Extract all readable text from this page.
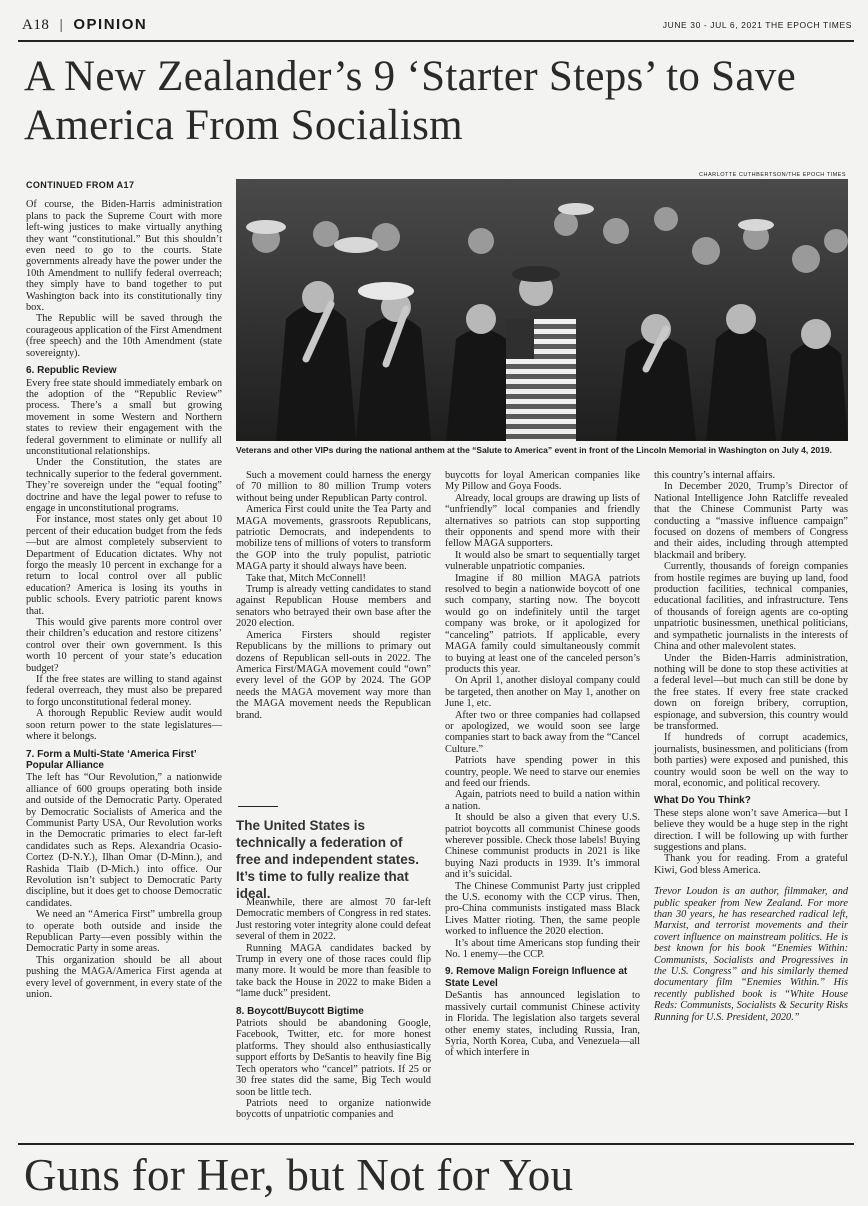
A18 | OPINION	JUNE 30 - JUL 6, 2021 THE EPOCH TIMES
A New Zealander’s 9 ‘Starter Steps’ to Save America From Socialism
CHARLOTTE CUTHBERTSON/THE EPOCH TIMES
Veterans and other VIPs during the national anthem at the “Salute to America” event in front of the Lincoln Memorial in Washington on July 4, 2019.
CONTINUED FROM A17

Of course, the Biden-Harris administration plans to pack the Supreme Court with more left-wing justices to make virtually anything they want “constitutional.” But this shouldn’t even need to go to the courts. State governments already have the power under the 10th Amendment to nullify federal overreach; they simply have to band together to put Washington back into its constitutionally tiny box.

The Republic will be saved through the courageous application of the First Amendment (free speech) and the 10th Amendment (state sovereignty).

6. Republic Review

Every free state should immediately embark on the adoption of the “Republic Review” process. There’s a small but growing movement in some Western and Northern states to review their engagement with the federal government to eliminate or nullify all unconstitutional relationships.

Under the Constitution, the states are technically superior to the federal government. They’re sovereign under the “equal footing” doctrine and have the legal power to refuse to engage in unconstitutional programs.

For instance, most states only get about 10 percent of their education budget from the feds—but are almost completely subservient to Department of Education dictates. Why not forgo the measly 10 percent in exchange for a return to local control over all public education? America is losing its youths in public schools. Every patriotic parent knows that.

This would give parents more control over their children’s education and restore citizens’ control over their own government. Is this worth 10 percent of your state’s education budget?

If the free states are willing to stand against federal overreach, they must also be prepared to forgo unconstitutional federal money.

A thorough Republic Review audit would soon return power to the state legislatures—where it belongs.

7. Form a Multi-State ‘America First’ Popular Alliance

The left has “Our Revolution,” a nationwide alliance of 600 groups operating both inside and outside of the Democratic Party. Operated by Democratic Socialists of America and the Communist Party USA, Our Revolution works in the Democratic primaries to elect far-left candidates such as Reps. Alexandria Ocasio-Cortez (D-N.Y.), Ilhan Omar (D-Minn.), and Rashida Tlaib (D-Mich.) into office. Our Revolution isn’t subject to Democratic Party discipline, but it does get to choose Democratic candidates.

We need an “America First” umbrella group to operate both outside and inside the Republican Party—even possibly within the Democratic Party in some areas.

This organization should be all about pushing the MAGA/America First agenda at every level of government, in every state of the union.

Such a movement could harness the energy of 70 million to 80 million Trump voters without being under Republican Party control.

America First could unite the Tea Party and MAGA movements, grassroots Republicans, patriotic Democrats, and independents to mobilize tens of millions of voters to transform the GOP into the truly populist, patriotic MAGA party it should always have been.

Take that, Mitch McConnell!

Trump is already vetting candidates to stand against Republican House members and senators who betrayed their own base after the 2020 election.

America Firsters should register Republicans by the millions to primary out dozens of Republican sell-outs in 2022. The America First/MAGA movement could “own” every level of the GOP by 2024. The GOP needs the MAGA movement way more than the MAGA movement needs the Republican brand.

The United States is technically a federation of free and independent states. It’s time to fully realize that ideal.

Meanwhile, there are almost 70 far-left Democratic members of Congress in red states. Just restoring voter integrity alone could defeat several of them in 2022.

Running MAGA candidates backed by Trump in every one of those races could flip many more. It would be more than feasible to take back the House in 2022 to make Biden a “lame duck” president.

8. Boycott/Buycott Bigtime

Patriots should be abandoning Google, Facebook, Twitter, etc. for more honest platforms. They should also enthusiastically support efforts by DeSantis to heavily fine Big Tech operators who “cancel” patriots. If 25 or 30 free states did the same, Big Tech would soon be little tech.

Patriots need to organize nationwide boycotts of unpatriotic companies and

buycotts for loyal American companies like My Pillow and Goya Foods.

Already, local groups are drawing up lists of “unfriendly” local companies and friendly alternatives so patriots can stop supporting their opponents and spend more with their fellow MAGA supporters.

It would also be smart to sequentially target vulnerable unpatriotic companies.

Imagine if 80 million MAGA patriots resolved to begin a nationwide boycott of one such company, starting now. The boycott would go on indefinitely until the target company was broke, or it apologized for “canceling” patriots. If applicable, every MAGA family could simultaneously commit to buying at least one of the canceled person’s products this year.

On April 1, another disloyal company could be targeted, then another on May 1, another on June 1, etc.

After two or three companies had collapsed or apologized, we would soon see large companies start to back away from the “Cancel Culture.”

Patriots have spending power in this country, people. We need to starve our enemies and feed our friends.

Again, patriots need to build a nation within a nation.

It should be also a given that every U.S. patriot boycotts all communist Chinese goods wherever possible. Check those labels! Buying Chinese communist products in 2021 is like buying Nazi products in 1939. It’s immoral and it’s suicidal.

The Chinese Communist Party just crippled the U.S. economy with the CCP virus. Then, pro-China communists instigated mass Black Lives Matter rioting. Then, the same people worked to influence the 2020 election.

It’s about time Americans stop funding their No. 1 enemy—the CCP.

9. Remove Malign Foreign Influence at State Level

DeSantis has announced legislation to massively curtail communist Chinese activity in Florida. The legislation also targets several other enemy states, including Russia, Iran, Syria, North Korea, Cuba, and Venezuela—all of which interfere in

this country’s internal affairs.

In December 2020, Trump’s Director of National Intelligence John Ratcliffe revealed that the Chinese Communist Party was conducting a “massive influence campaign” focused on dozens of members of Congress and their aides, including through attempted blackmail and bribery.

Currently, thousands of foreign companies from hostile regimes are buying up land, food production facilities, technical companies, educational facilities, and infrastructure. Tens of thousands of foreign agents are co-opting unpatriotic businessmen, unethical politicians, and sympathetic journalists in the interests of China and other malevolent states.

Under the Biden-Harris administration, nothing will be done to stop these activities at a federal level—but much can still be done by the free states. If every free state cracked down on foreign bribery, corruption, espionage, and subversion, this country would be transformed.

If hundreds of corrupt academics, journalists, businessmen, and politicians (from both parties) were exposed and punished, this country would soon be well on the way to moral, economic, and political recovery.

What Do You Think?

These steps alone won’t save America—but I believe they would be a huge step in the right direction. I will be following up with further suggestions and plans.

Thank you for reading. From a grateful Kiwi, God bless America.

Trevor Loudon is an author, filmmaker, and public speaker from New Zealand. For more than 30 years, he has researched radical left, Marxist, and terrorist movements and their covert influence on mainstream politics. He is best known for his book “Enemies Within: Communists, Socialists and Progressives in the U.S. Congress” and his similarly themed documentary film “Enemies Within.” His recently published book is “White House Reds: Communists, Socialists & Security Risks Running for U.S. President, 2020.”

Guns for Her, but Not for You
